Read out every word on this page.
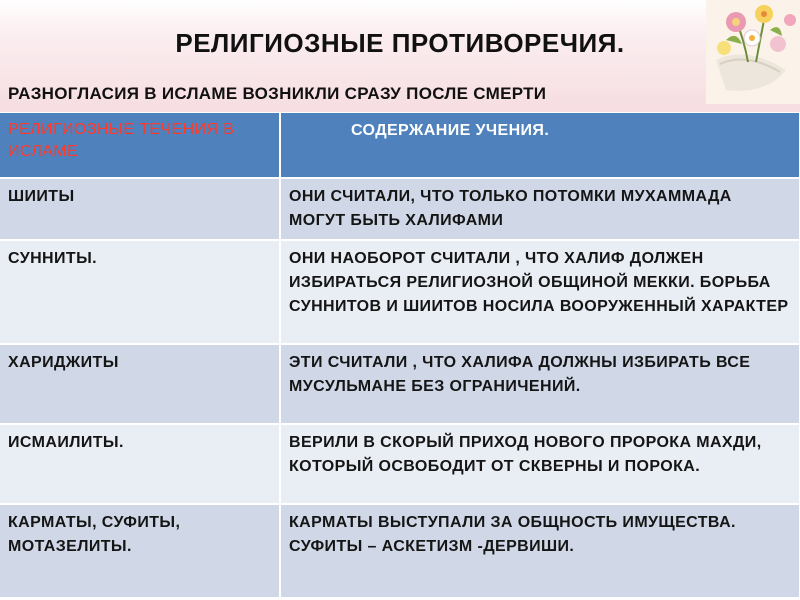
РЕЛИГИОЗНЫЕ ПРОТИВОРЕЧИЯ.
РАЗНОГЛАСИЯ В ИСЛАМЕ ВОЗНИКЛИ СРАЗУ ПОСЛЕ СМЕРТИ
РЕЛИГИОЗНЫЕ ТЕЧЕНИЯ В ИСЛАМЕ	СОДЕРЖАНИЕ УЧЕНИЯ.
ШИИТЫ	ОНИ СЧИТАЛИ, ЧТО ТОЛЬКО ПОТОМКИ МУХАММАДА МОГУТ БЫТЬ ХАЛИФАМИ
СУННИТЫ.	ОНИ НАОБОРОТ СЧИТАЛИ , ЧТО ХАЛИФ ДОЛЖЕН ИЗБИРАТЬСЯ РЕЛИГИОЗНОЙ ОБЩИНОЙ МЕККИ. БОРЬБА СУННИТОВ И ШИИТОВ НОСИЛА ВООРУЖЕННЫЙ ХАРАКТЕР
ХАРИДЖИТЫ	ЭТИ СЧИТАЛИ , ЧТО ХАЛИФА ДОЛЖНЫ ИЗБИРАТЬ ВСЕ МУСУЛЬМАНЕ БЕЗ ОГРАНИЧЕНИЙ.
ИСМАИЛИТЫ.	ВЕРИЛИ В СКОРЫЙ ПРИХОД НОВОГО ПРОРОКА МАХДИ, КОТОРЫЙ ОСВОБОДИТ ОТ СКВЕРНЫ И ПОРОКА.
КАРМАТЫ, СУФИТЫ, МОТАЗЕЛИТЫ.	КАРМАТЫ ВЫСТУПАЛИ ЗА ОБЩНОСТЬ ИМУЩЕСТВА. СУФИТЫ – АСКЕТИЗМ -ДЕРВИШИ.
